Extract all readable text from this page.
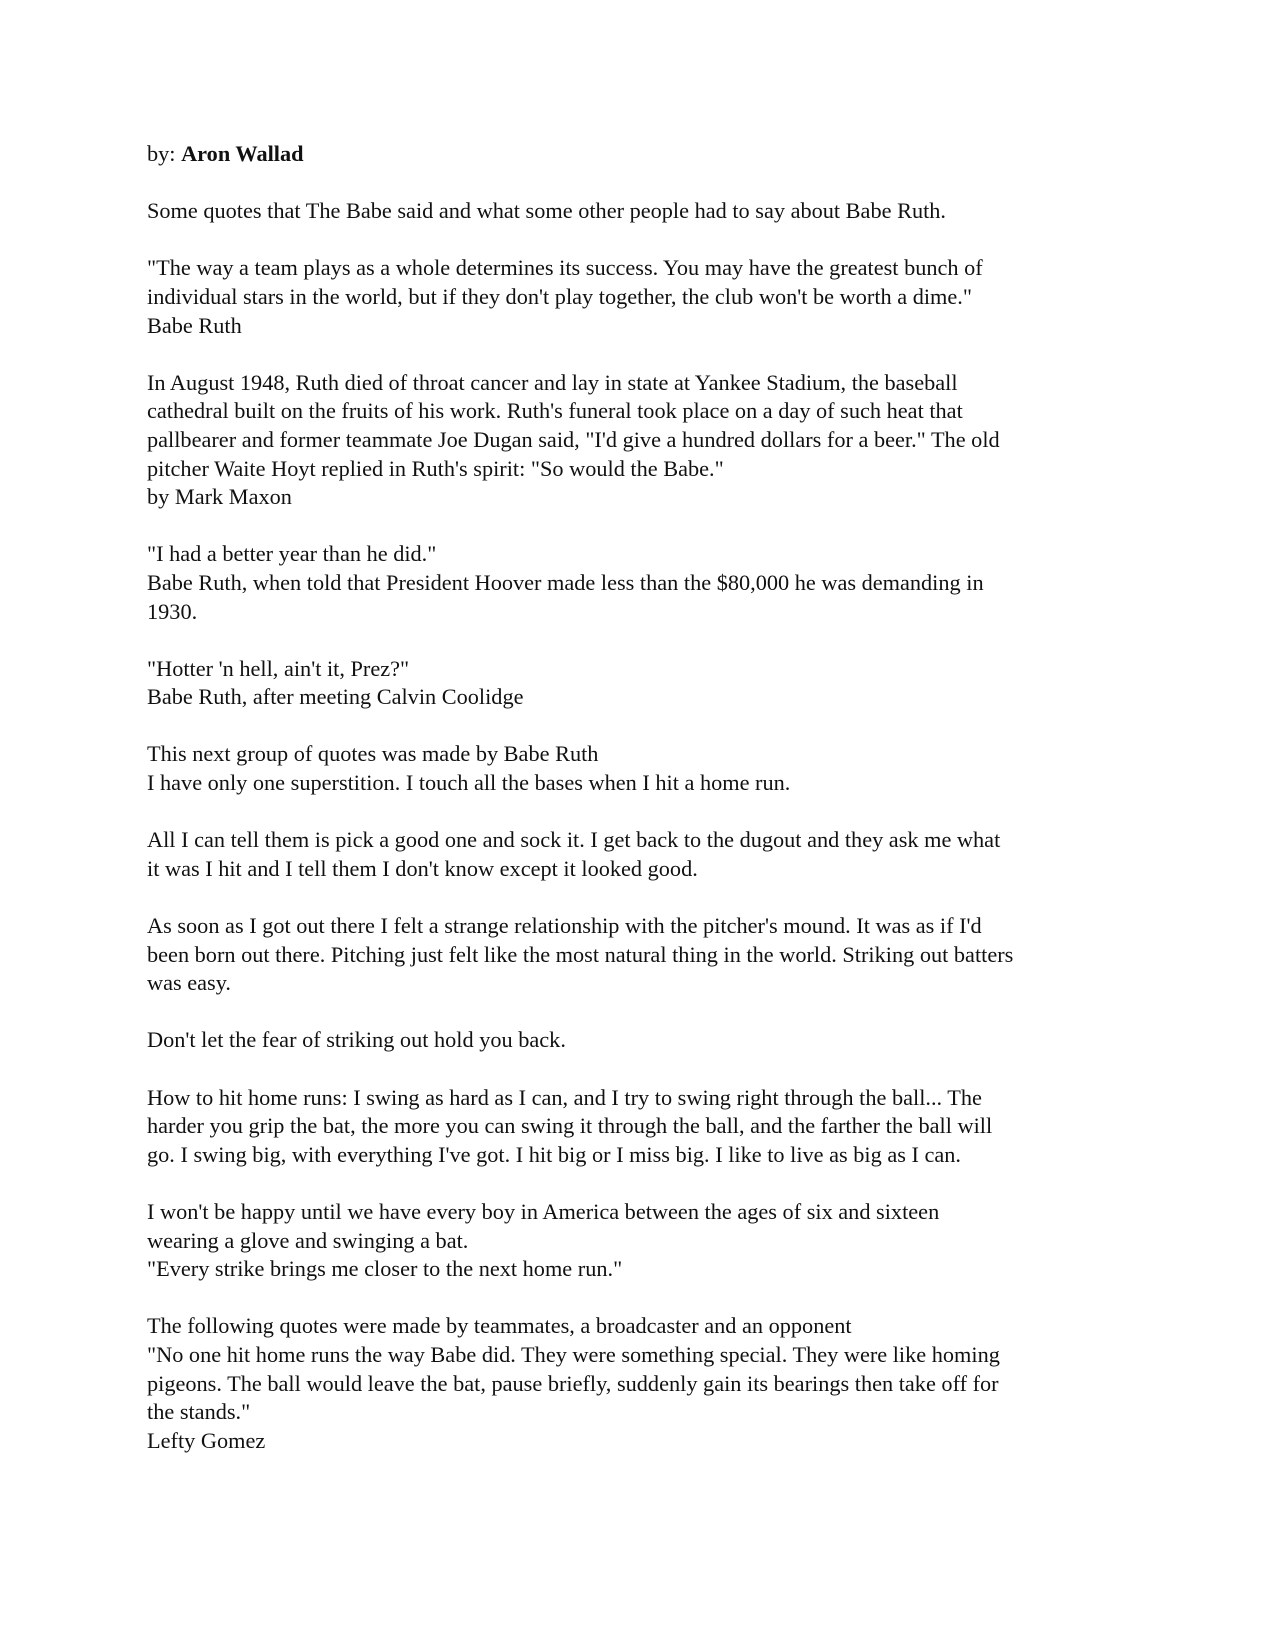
by: Aron Wallad

Some quotes that The Babe said and what some other people had to say about Babe Ruth.

"The way a team plays as a whole determines its success. You may have the greatest bunch of
individual stars in the world, but if they don't play together, the club won't be worth a dime."
Babe Ruth

In August 1948, Ruth died of throat cancer and lay in state at Yankee Stadium, the baseball
cathedral built on the fruits of his work. Ruth's funeral took place on a day of such heat that
pallbearer and former teammate Joe Dugan said, "I'd give a hundred dollars for a beer." The old
pitcher Waite Hoyt replied in Ruth's spirit: "So would the Babe."
by Mark Maxon

"I had a better year than he did."
Babe Ruth, when told that President Hoover made less than the $80,000 he was demanding in
1930.

"Hotter 'n hell, ain't it, Prez?"
Babe Ruth, after meeting Calvin Coolidge

This next group of quotes was made by Babe Ruth
I have only one superstition. I touch all the bases when I hit a home run.

All I can tell them is pick a good one and sock it. I get back to the dugout and they ask me what
it was I hit and I tell them I don't know except it looked good.

As soon as I got out there I felt a strange relationship with the pitcher's mound. It was as if I'd
been born out there. Pitching just felt like the most natural thing in the world. Striking out batters
was easy.

Don't let the fear of striking out hold you back.

How to hit home runs: I swing as hard as I can, and I try to swing right through the ball... The
harder you grip the bat, the more you can swing it through the ball, and the farther the ball will
go. I swing big, with everything I've got. I hit big or I miss big. I like to live as big as I can.

I won't be happy until we have every boy in America between the ages of six and sixteen
wearing a glove and swinging a bat.
"Every strike brings me closer to the next home run."

The following quotes were made by teammates, a broadcaster and an opponent
"No one hit home runs the way Babe did. They were something special. They were like homing
pigeons. The ball would leave the bat, pause briefly, suddenly gain its bearings then take off for
the stands."
Lefty Gomez
